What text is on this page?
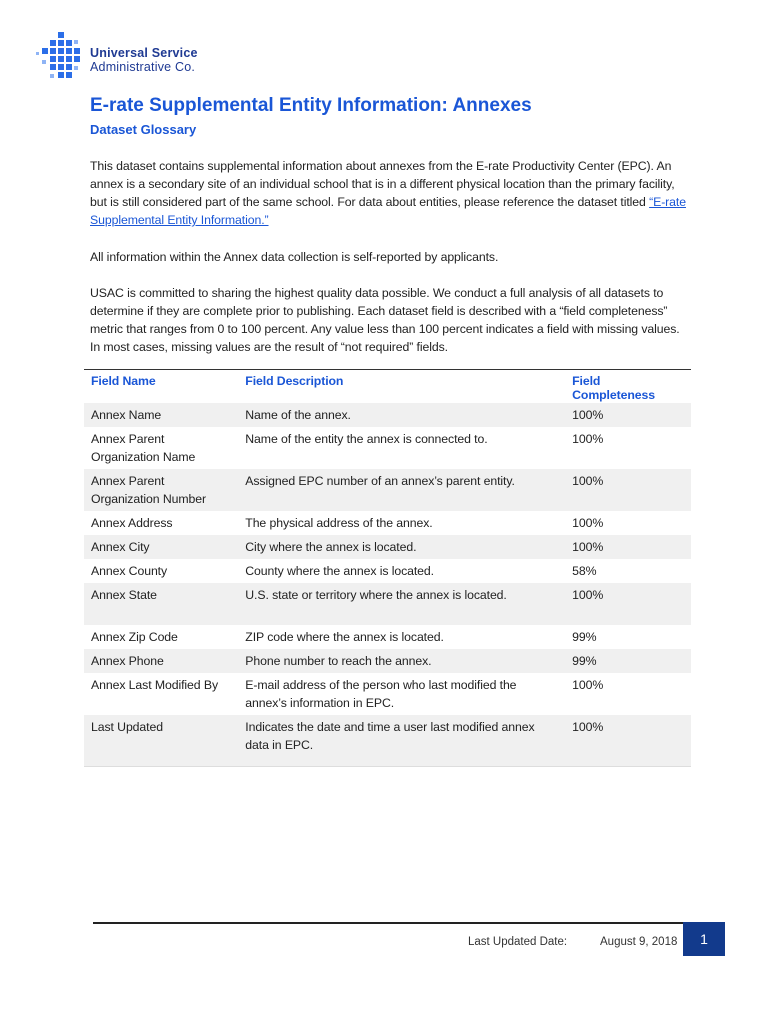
Universal Service
Administrative Co.
E-rate Supplemental Entity Information: Annexes
Dataset Glossary
This dataset contains supplemental information about annexes from the E-rate Productivity Center (EPC). An annex is a secondary site of an individual school that is in a different physical location than the primary facility, but is still considered part of the same school. For data about entities, please reference the dataset titled “E-rate Supplemental Entity Information.”
All information within the Annex data collection is self-reported by applicants.
USAC is committed to sharing the highest quality data possible. We conduct a full analysis of all datasets to determine if they are complete prior to publishing. Each dataset field is described with a “field completeness” metric that ranges from 0 to 100 percent. Any value less than 100 percent indicates a field with missing values. In most cases, missing values are the result of “not required” fields.
Field Name	Field Description	Field Completeness
Annex Name	Name of the annex.	100%
Annex Parent Organization Name	Name of the entity the annex is connected to.	100%
Annex Parent Organization Number	Assigned EPC number of an annex’s parent entity.	100%
Annex Address	The physical address of the annex.	100%
Annex City	City where the annex is located.	100%
Annex County	County where the annex is located.	58%
Annex State	U.S. state or territory where the annex is located.	100%
Annex Zip Code	ZIP code where the annex is located.	99%
Annex Phone	Phone number to reach the annex.	99%
Annex Last Modified By	E-mail address of the person who last modified the annex’s information in EPC.	100%
Last Updated	Indicates the date and time a user last modified annex data in EPC.	100%
Last Updated Date:	August 9, 2018	1
